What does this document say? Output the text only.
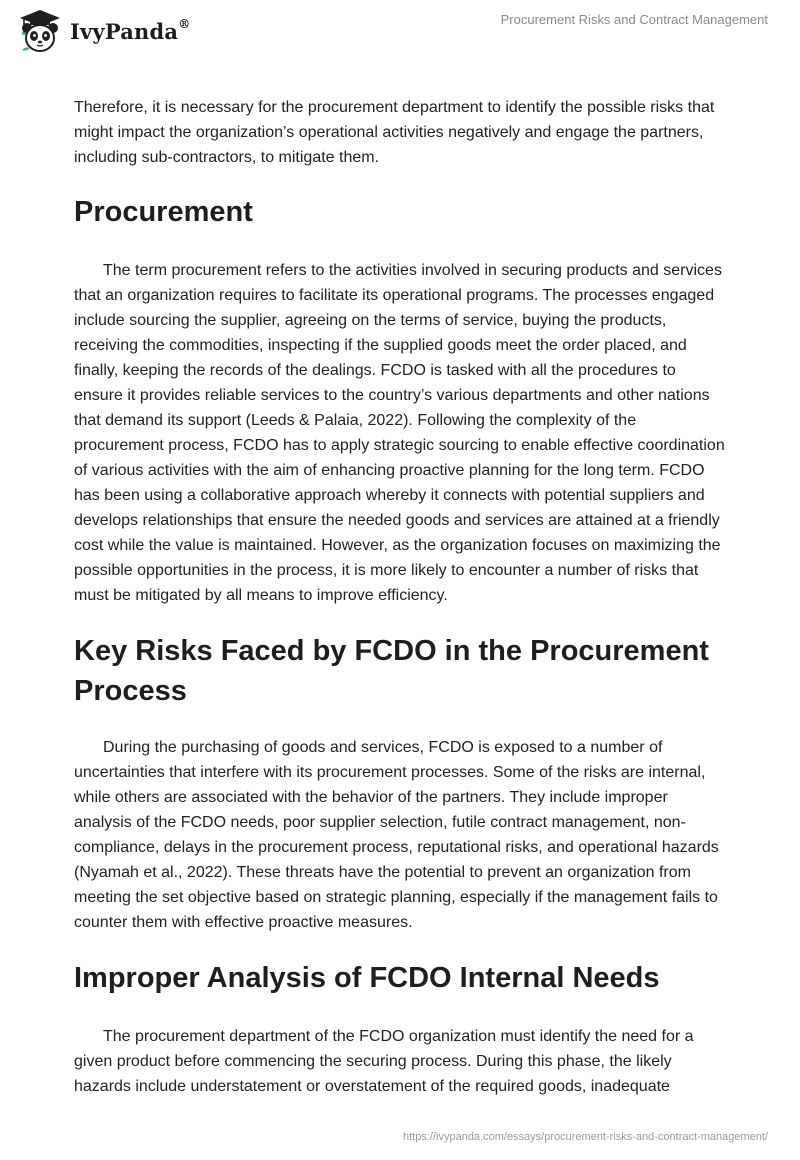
IvyPanda®	Procurement Risks and Contract Management

Therefore, it is necessary for the procurement department to identify the possible risks that might impact the organization’s operational activities negatively and engage the partners, including sub-contractors, to mitigate them.

Procurement

The term procurement refers to the activities involved in securing products and services that an organization requires to facilitate its operational programs. The processes engaged include sourcing the supplier, agreeing on the terms of service, buying the products, receiving the commodities, inspecting if the supplied goods meet the order placed, and finally, keeping the records of the dealings. FCDO is tasked with all the procedures to ensure it provides reliable services to the country’s various departments and other nations that demand its support (Leeds & Palaia, 2022). Following the complexity of the procurement process, FCDO has to apply strategic sourcing to enable effective coordination of various activities with the aim of enhancing proactive planning for the long term. FCDO has been using a collaborative approach whereby it connects with potential suppliers and develops relationships that ensure the needed goods and services are attained at a friendly cost while the value is maintained. However, as the organization focuses on maximizing the possible opportunities in the process, it is more likely to encounter a number of risks that must be mitigated by all means to improve efficiency.

Key Risks Faced by FCDO in the Procurement Process

During the purchasing of goods and services, FCDO is exposed to a number of uncertainties that interfere with its procurement processes. Some of the risks are internal, while others are associated with the behavior of the partners. They include improper analysis of the FCDO needs, poor supplier selection, futile contract management, non-compliance, delays in the procurement process, reputational risks, and operational hazards (Nyamah et al., 2022). These threats have the potential to prevent an organization from meeting the set objective based on strategic planning, especially if the management fails to counter them with effective proactive measures.

Improper Analysis of FCDO Internal Needs

The procurement department of the FCDO organization must identify the need for a given product before commencing the securing process. During this phase, the likely hazards include understatement or overstatement of the required goods, inadequate

https://ivypanda.com/essays/procurement-risks-and-contract-management/
